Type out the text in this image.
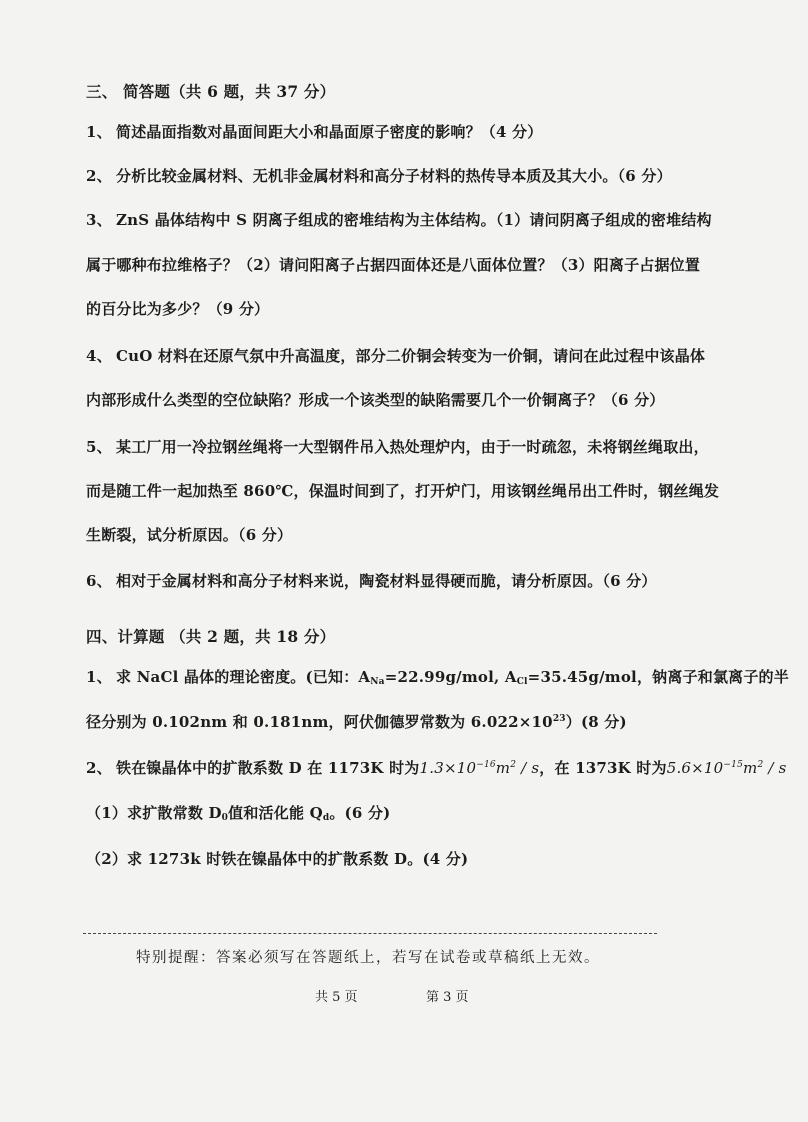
三、 简答题（共 6 题，共 37 分）
1、 简述晶面指数对晶面间距大小和晶面原子密度的影响？（4 分）
2、 分析比较金属材料、无机非金属材料和高分子材料的热传导本质及其大小。（6 分）
3、 ZnS 晶体结构中 S 阴离子组成的密堆结构为主体结构。（1）请问阴离子组成的密堆结构
属于哪种布拉维格子？（2）请问阳离子占据四面体还是八面体位置？（3）阳离子占据位置
的百分比为多少？（9 分）
4、 CuO 材料在还原气氛中升高温度，部分二价铜会转变为一价铜，请问在此过程中该晶体
内部形成什么类型的空位缺陷？形成一个该类型的缺陷需要几个一价铜离子？（6 分）
5、 某工厂用一冷拉钢丝绳将一大型钢件吊入热处理炉内，由于一时疏忽，未将钢丝绳取出，
而是随工件一起加热至 860℃，保温时间到了，打开炉门，用该钢丝绳吊出工件时，钢丝绳发
生断裂，试分析原因。（6 分）
6、 相对于金属材料和高分子材料来说，陶瓷材料显得硬而脆，请分析原因。（6 分）
四、计算题 （共 2 题，共 18 分）
1、 求 NaCl 晶体的理论密度。(已知：$A_{Na}=22.99g$/mol, $A_{Cl}=35.45g$/mol，钠离子和氯离子的半
径分别为 0.102nm 和 0.181nm，阿伏伽德罗常数为 $6.022\times 10^{23})(8$ 分)
2、 铁在镍晶体中的扩散系数 D 在 1173K 时为$1.3\times 10^{-16}m^2 / s$，在 1373K 时为$5.6\times 10^{-15}m^2 / s$
（1）求扩散常数 $D_0$值和活化能 $Q_d$。(6 分)
（2）求 1273k 时铁在镍晶体中的扩散系数 D。(4 分)
特别提醒：答案必须写在答题纸上，若写在试卷或草稿纸上无效。
共 5 页	第 3 页
